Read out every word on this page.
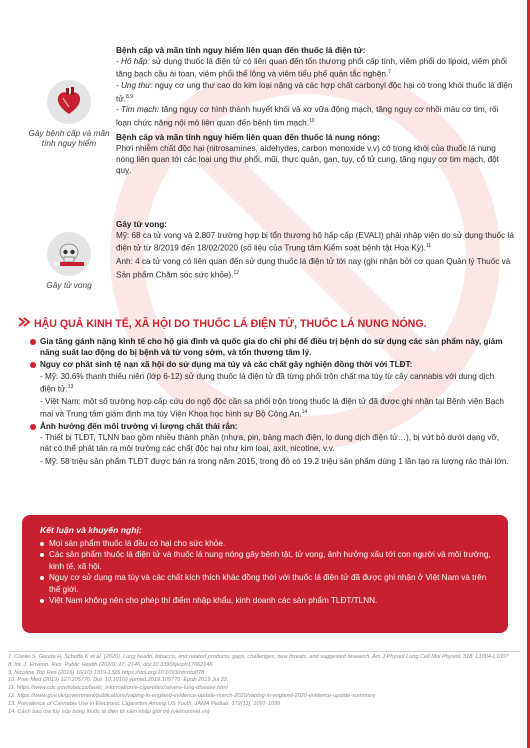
Gây bệnh cấp và mãn tính nguy hiểm
Gây tử vong

Bệnh cấp và mãn tính nguy hiểm liên quan đến thuốc lá điện tử:

- Hô hấp: sử dụng thuốc lá điện tử có liên quan đến tổn thương phổi cấp tính, viêm phổi do lipoid, viêm phổi tăng bạch cầu ái toan, viêm phổi thể lông và viêm tiểu phế quản tắc nghẽn.$^7$

- Ung thư: nguy cơ ung thư cao do kim loại nặng và các hợp chất carbonyl độc hại có trong khói thuốc lá điện tử.$^{8,9}$

- Tim mạch: tăng nguy cơ hình thành huyết khối và xơ vữa động mạch, tăng nguy cơ nhồi máu cơ tim, rối loạn chức năng nội mô liên quan đến bệnh tim mạch.$^{10}$

Bệnh cấp và mãn tính nguy hiểm liên quan đến thuốc lá nung nóng:

Phơi nhiễm chất độc hại (nitrosamines, aldehydes, carbon monoxide v.v) có trong khói của thuốc lá nung nóng liên quan tới các loại ung thư phổi, mũi, thực quản, gan, tụy, cổ tử cung, tăng nguy cơ tim mạch, đột quỵ.

Gây tử vong:

Mỹ: 68 ca tử vong và 2.807 trường hợp bị tổn thương hô hấp cấp (EVALI) phải nhập viện do sử dụng thuốc lá điện tử từ 8/2019 đến 18/02/2020 (số liệu của Trung tâm Kiểm soát bệnh tật Hoa Kỳ).$^{11}$

Anh: 4 ca tử vong có liên quan đến sử dụng thuốc lá điện tử tới nay (ghi nhận bởi cơ quan Quản lý Thuốc và Sản phẩm Chăm sóc sức khỏe).$^{12}$

HẬU QUẢ KINH TẾ, XÃ HỘI DO THUỐC LÁ ĐIỆN TỬ, THUỐC LÁ NUNG NÓNG.

Gia tăng gánh nặng kinh tế cho hộ gia đình và quốc gia do chi phí để điều trị bệnh do sử dụng các sản phẩm này, giảm năng suất lao động do bị bệnh và tử vong sớm, và tổn thương tâm lý.

Nguy cơ phát sinh tệ nạn xã hội do sử dụng ma túy và các chất gây nghiện đồng thời với TLĐT:

- Mỹ: 30.6% thanh thiếu niên (lớp 6-12) sử dụng thuốc lá điện tử đã từng phối trộn chất ma túy từ cây cannabis với dung dịch điện tử.$^{13}$

- Việt Nam: một số trường hợp cấp cứu do ngộ độc cần sa phối trộn trong thuốc lá điện tử đã được ghi nhận tại Bệnh viện Bạch mai và Trung tâm giám định ma túy Viện Khoa học hình sự Bộ Công An.$^{14}$

Ảnh hưởng đến môi trường vì lượng chất thải rắn:

- Thiết bị TLĐT, TLNN bao gồm nhiều thành phần (nhựa, pin, bảng mạch điện, lọ dung dịch điện tử…), bị vứt bỏ dưới dạng vỡ, nát có thể phát tán ra môi trường các chất độc hại như kim loại, axit, nicotine, v.v.

- Mỹ: 58 triệu sản phẩm TLĐT được bán ra trong năm 2015, trong đó có 19.2 triệu sản phẩm dùng 1 lần tạo ra lượng rác thải lớn.

Kết luận và khuyến nghị:
Mọi sản phẩm thuốc lá đều có hại cho sức khỏe.
Các sản phẩm thuốc lá điện tử và thuốc lá nung nóng gây bệnh tật, tử vong, ảnh hưởng xấu tới con người và môi trường, kinh tế, xã hội.
Nguy cơ sử dụng ma túy và các chất kích thích khác đồng thời với thuốc lá điện tử đã được ghi nhận ở Việt Nam và trên thế giới.
Việt Nam không nên cho phép thí điểm nhập khẩu, kinh doanh các sản phẩm TLĐT/TLNN.
7. Clarke S, Gouda H, Schoffa K et al. (2020). Lung health, tobacco, and related products: gaps, challenges, new threats, and suggested research. Am J Physiol Lung Cell Mol Physiol. 318: L1004-L1007
8. Int. J. Environ. Res. Public Health (2020), 17, 2146; doi:10.3390/ijerph17062146
9. Nicotine Tob Res (2016) 16(10):1319-1326 https://doi.org/10.1093/ntr/ntu078
10. Prev Med (2019) 127:105770. Doi: 10.1016/j.ypmed.2019.105770. Epub 2019 Jul 22.
11. https://www.cdc.gov/tobacco/basic_information/e-cigarettes/severe-lung-disease.html
12. https://www.gov.uk/government/publications/vaping-in-england-evidence-update-march-2020/vaping-in-england-2020-evidence-update-summary
13. Prevalence of Cannabis Use in Electronic Cigarettes Among US Youth, JAMA Pediatr. 172(11), 1097-1099
14. Cảnh báo ma túy núp bóng thuốc lá điện tử xâm nhập giới trẻ (vietnamnet.vn)
